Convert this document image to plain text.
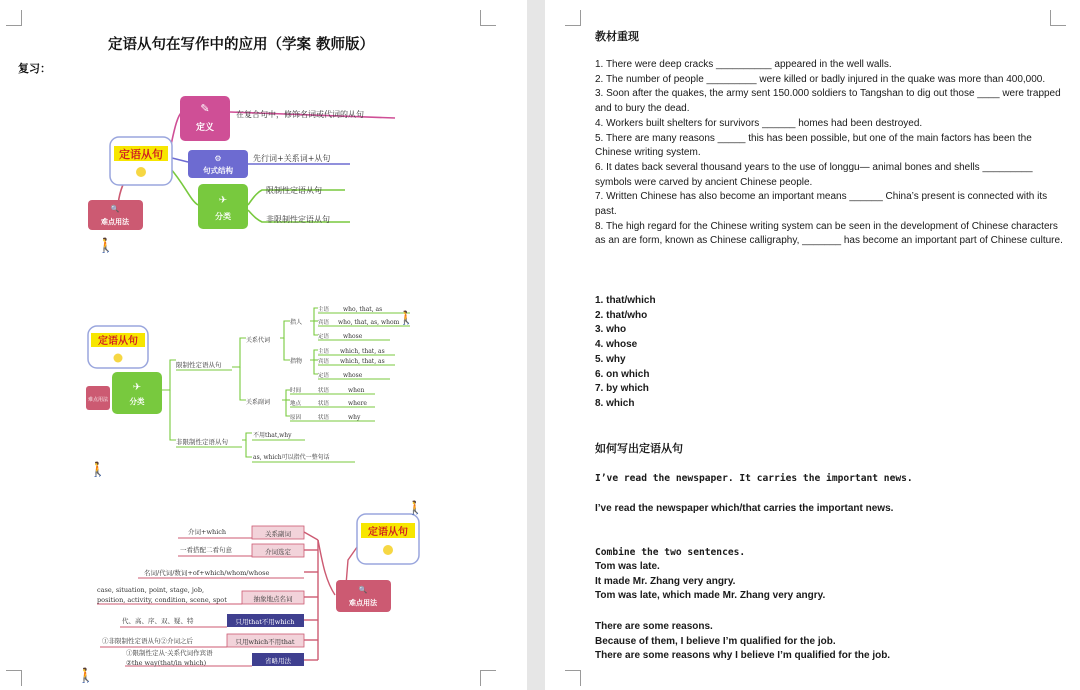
定语从句在写作中的应用（学案 教师版）
复习：
定语从句
✎
定义
在复合句中，修饰名词或代词的从句
⚙
句式结构
先行词+关系词+从句
✈
分类
限制性定语从句
非限制性定语从句
🔍
难点用法
🚶
定语从句
✈
分类
难点用法
🚶
🚶
限制性定语从句
关系代词
指人
指物
关系副词
主语
宾语
定语
主语
宾语
定语
who, that, as
who, that, as, whom
whose
which, that, as
which, that, as
whose
时间	状语	when
地点	状语	where
原因	状语	why
非限制性定语从句
不用that,why
as, which可以指代一整句话
定语从句
🚶
🔍
难点用法
关系副词
介词+which
介词选定
一看搭配二看句意
名词/代词/数词+of+which/whom/whose
抽象地点名词
case, situation, point, stage, job,
position, activity, condition, scene, spot
只用that不用which
代、高、序、双、疑、特
只用which不用that
①非限制性定语从句②介词之后
省略用法
①限制性定从·关系代词作宾语
②the way(that/in which)
🚶
教材重现

1. There were deep cracks __________ appeared in the well walls.

2. The number of people _________ were killed or badly injured in the quake was more than 400,000.

3. Soon after the quakes, the army sent 150.000 soldiers to Tangshan to dig out those ____ were trapped and to bury the dead.

4. Workers built shelters for survivors ______ homes had been destroyed.

5. There are many reasons _____ this has been possible, but one of the main factors has been the Chinese writing system.

6. It dates back several thousand years to the use of longgu— animal bones and shells _________ symbols were carved by ancient Chinese people.

7. Written Chinese has also become an important means ______ China’s present is connected with its past.

8. The high regard for the Chinese writing system can be seen in the development of Chinese characters as an are form, known as Chinese calligraphy, _______ has become an important part of Chinese culture.

1. that/which

2. that/who

3. who

4. whose

5. why

6. on which

7. by which

8. which

如何写出定语从句
I’ve read the newspaper. It carries the important news.
I’ve read the newspaper which/that carries the important news.
Combine the two sentences.

Tom was late.

It made Mr. Zhang very angry.

Tom was late, which made Mr. Zhang very angry.

There are some reasons.

Because of them, I believe I’m qualified for the job.

There are some reasons why I believe I’m qualified for the job.
